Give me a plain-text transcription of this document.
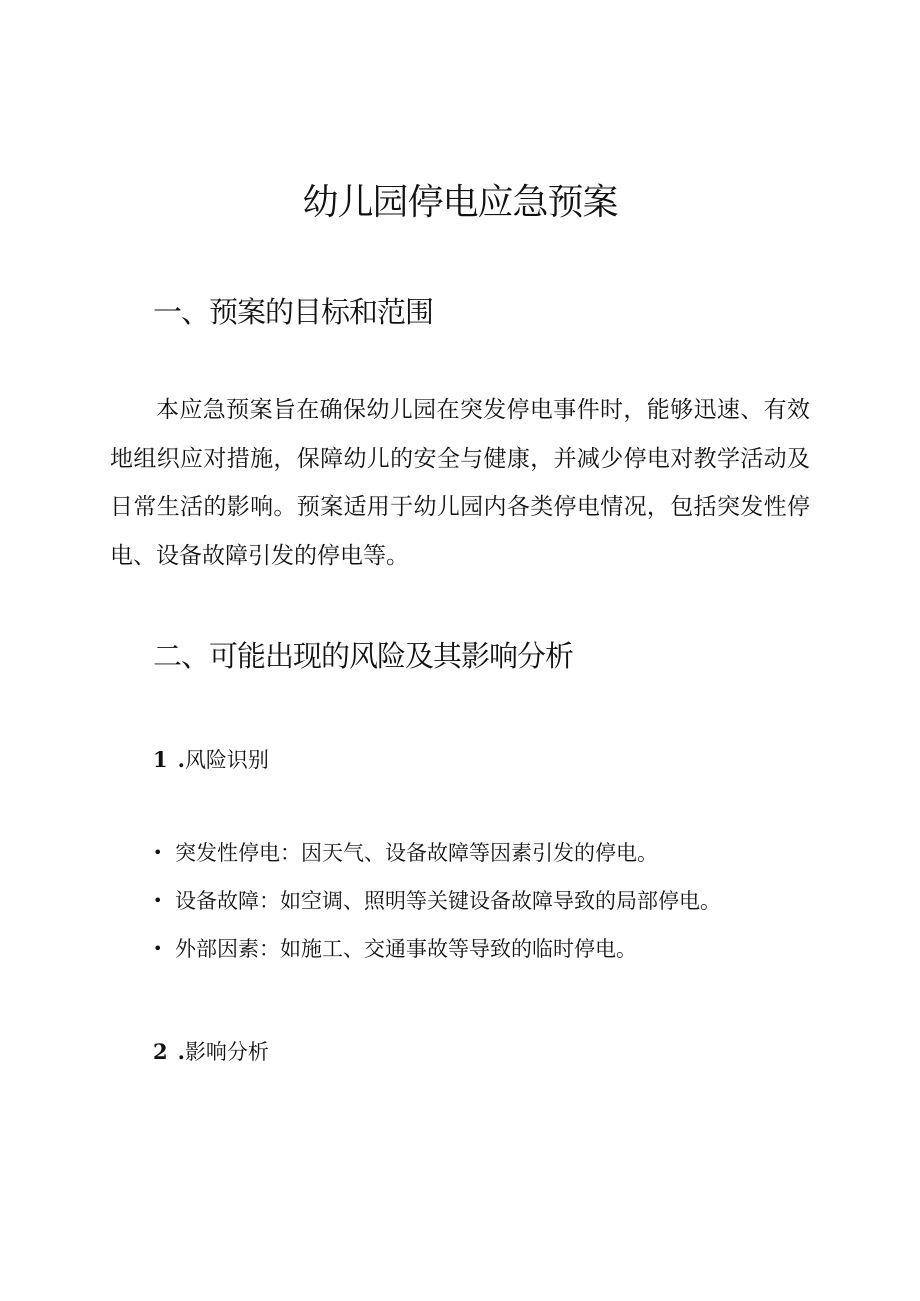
幼儿园停电应急预案
一、预案的目标和范围

本应急预案旨在确保幼儿园在突发停电事件时，能够迅速、有效地组织应对措施，保障幼儿的安全与健康，并减少停电对教学活动及日常生活的影响。预案适用于幼儿园内各类停电情况，包括突发性停电、设备故障引发的停电等。

二、可能出现的风险及其影响分析
1 .风险识别
• 突发性停电：因天气、设备故障等因素引发的停电。
• 设备故障：如空调、照明等关键设备故障导致的局部停电。
• 外部因素：如施工、交通事故等导致的临时停电。
2 .影响分析
